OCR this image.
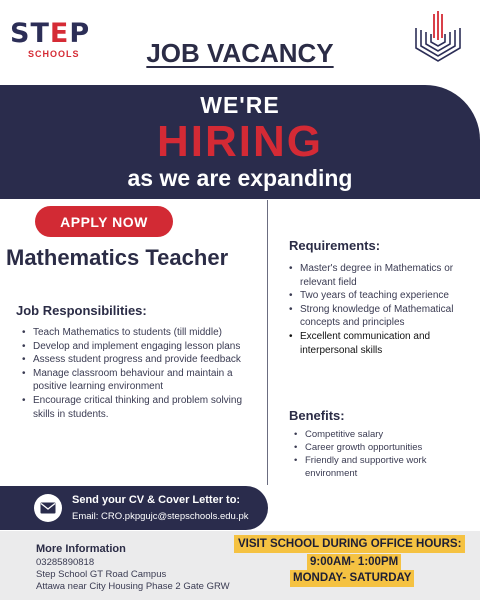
STEP
SCHOOLS	JOB VACANCY
WE'RE
HIRING
as we are expanding
APPLY NOW
Mathematics Teacher
Job Responsibilities:
• Teach Mathematics to students (till middle)
• Develop and implement engaging lesson plans
• Assess student progress and provide feedback
• Manage classroom behaviour and maintain a positive learning environment
• Encourage critical thinking and problem solving skills in students.
Requirements:
• Master's degree in Mathematics or relevant field
• Two years of teaching experience
• Strong knowledge of Mathematical concepts and principles
• Excellent communication and interpersonal skills
Benefits:
• Competitive salary
• Career growth opportunities
• Friendly and supportive work environment
Send your CV & Cover Letter to:
Email: CRO.pkpgujc@stepschools.edu.pk
More Information
03285890818
Step School GT Road Campus
Attawa near City Housing Phase 2 Gate GRW
VISIT SCHOOL DURING OFFICE HOURS:
9:00AM- 1:00PM
MONDAY- SATURDAY
